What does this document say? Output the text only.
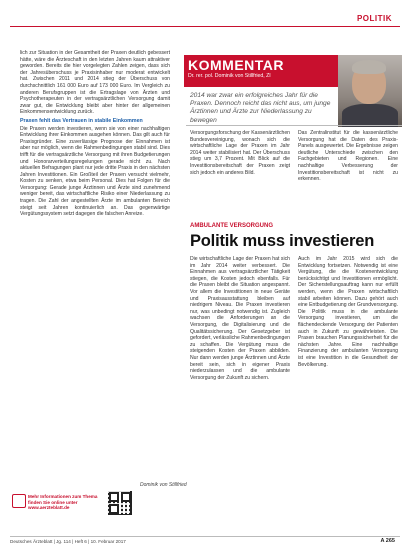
POLITIK

lich zur Situation in der Gesamtheit der Praxen deutlich gebessert hätte, wäre die Ärzteschaft in den letzten Jahren kaum attraktiver geworden. Bereits die hier vorgelegten Zahlen zeigen, dass sich der Jahresüberschuss je Praxisinhaber nur moderat entwickelt hat. Zwischen 2011 und 2014 stieg der Überschuss von durchschnittlich 161 000 Euro auf 173 000 Euro. Im Vergleich zu anderen Berufsgruppen ist die Ertragslage von Ärzten und Psychotherapeuten in der vertragsärztlichen Versorgung damit zwar gut, die Entwicklung bleibt aber hinter der allgemeinen Einkommensentwicklung zurück.

Praxen fehlt das Vertrauen in stabile Einkommen

Die Praxen werden investieren, wenn sie von einer nachhaltigen Entwicklung ihrer Einkommen ausgehen können. Das gilt auch für Praxisgründer. Eine zuverlässige Prognose der Einnahmen ist aber nur möglich, wenn die Rahmenbedingungen stabil sind. Dies trifft für die vertragsärztliche Versorgung mit ihren Budgetierungen und Honorarverteilungsregelungen gerade nicht zu. Nach aktuellen Befragungen plant nur jede dritte Praxis in den nächsten Jahren Investitionen. Ein Großteil der Praxen versucht vielmehr, Kosten zu senken, etwa beim Personal. Dies hat Folgen für die Versorgung: Gerade junge Ärztinnen und Ärzte sind zunehmend weniger bereit, das wirtschaftliche Risiko einer Niederlassung zu tragen. Die Zahl der angestellten Ärzte im ambulanten Bereich steigt seit Jahren kontinuierlich an. Das gegenwärtige Vergütungssystem setzt dagegen die falschen Anreize.

Dominik von Stillfried
KOMMENTAR
Dr. rer. pol. Dominik von Stillfried, ZI
2014 war zwar ein erfolgreiches Jahr für die Praxen. Dennoch reicht das nicht aus, um junge Ärztinnen und Ärzte zur Niederlassung zu bewegen
Versorgungsforschung der Kassenärztlichen Bundesvereinigung, wonach sich die wirtschaftliche Lage der Praxen im Jahr 2014 weiter stabilisiert hat. Der Überschuss stieg um 3,7 Prozent. Mit Blick auf die Investitionsbereitschaft der Praxen zeigt sich jedoch ein anderes Bild.
Das Zentralinstitut für die kassenärztliche Versorgung hat die Daten des Praxis-Panels ausgewertet. Die Ergebnisse zeigen deutliche Unterschiede zwischen den Fachgebieten und Regionen. Eine nachhaltige Verbesserung der Investitionsbereitschaft ist nicht zu erkennen.
AMBULANTE VERSORGUNG
Politik muss investieren
Die wirtschaftliche Lage der Praxen hat sich im Jahr 2014 weiter verbessert. Die Einnahmen aus vertragsärztlicher Tätigkeit stiegen, die Kosten jedoch ebenfalls. Für die Praxen bleibt die Situation angespannt. Vor allem die Investitionen in neue Geräte und Praxisausstattung bleiben auf niedrigem Niveau. Die Praxen investieren nur, was unbedingt notwendig ist. Zugleich wachsen die Anforderungen an die Versorgung, die Digitalisierung und die Qualitätssicherung. Der Gesetzgeber ist gefordert, verlässliche Rahmenbedingungen zu schaffen. Die Vergütung muss die steigenden Kosten der Praxen abbilden. Nur dann werden junge Ärztinnen und Ärzte bereit sein, sich in eigener Praxis niederzulassen und die ambulante Versorgung der Zukunft zu sichern.
Auch im Jahr 2015 wird sich die Entwicklung fortsetzen. Notwendig ist eine Vergütung, die die Kostenentwicklung berücksichtigt und Investitionen ermöglicht. Der Sicherstellungsauftrag kann nur erfüllt werden, wenn die Praxen wirtschaftlich stabil arbeiten können. Dazu gehört auch eine Entbudgetierung der Grundversorgung. Die Politik muss in die ambulante Versorgung investieren, um die flächendeckende Versorgung der Patienten auch in Zukunft zu gewährleisten. Die Praxen brauchen Planungssicherheit für die nächsten Jahre. Eine nachhaltige Finanzierung der ambulanten Versorgung ist eine Investition in die Gesundheit der Bevölkerung.
Mehr Informationen zum Thema finden Sie online unter www.aerzteblatt.de
Deutsches Ärzteblatt | Jg. 114 | Heft 6 | 10. Februar 2017	A 265
